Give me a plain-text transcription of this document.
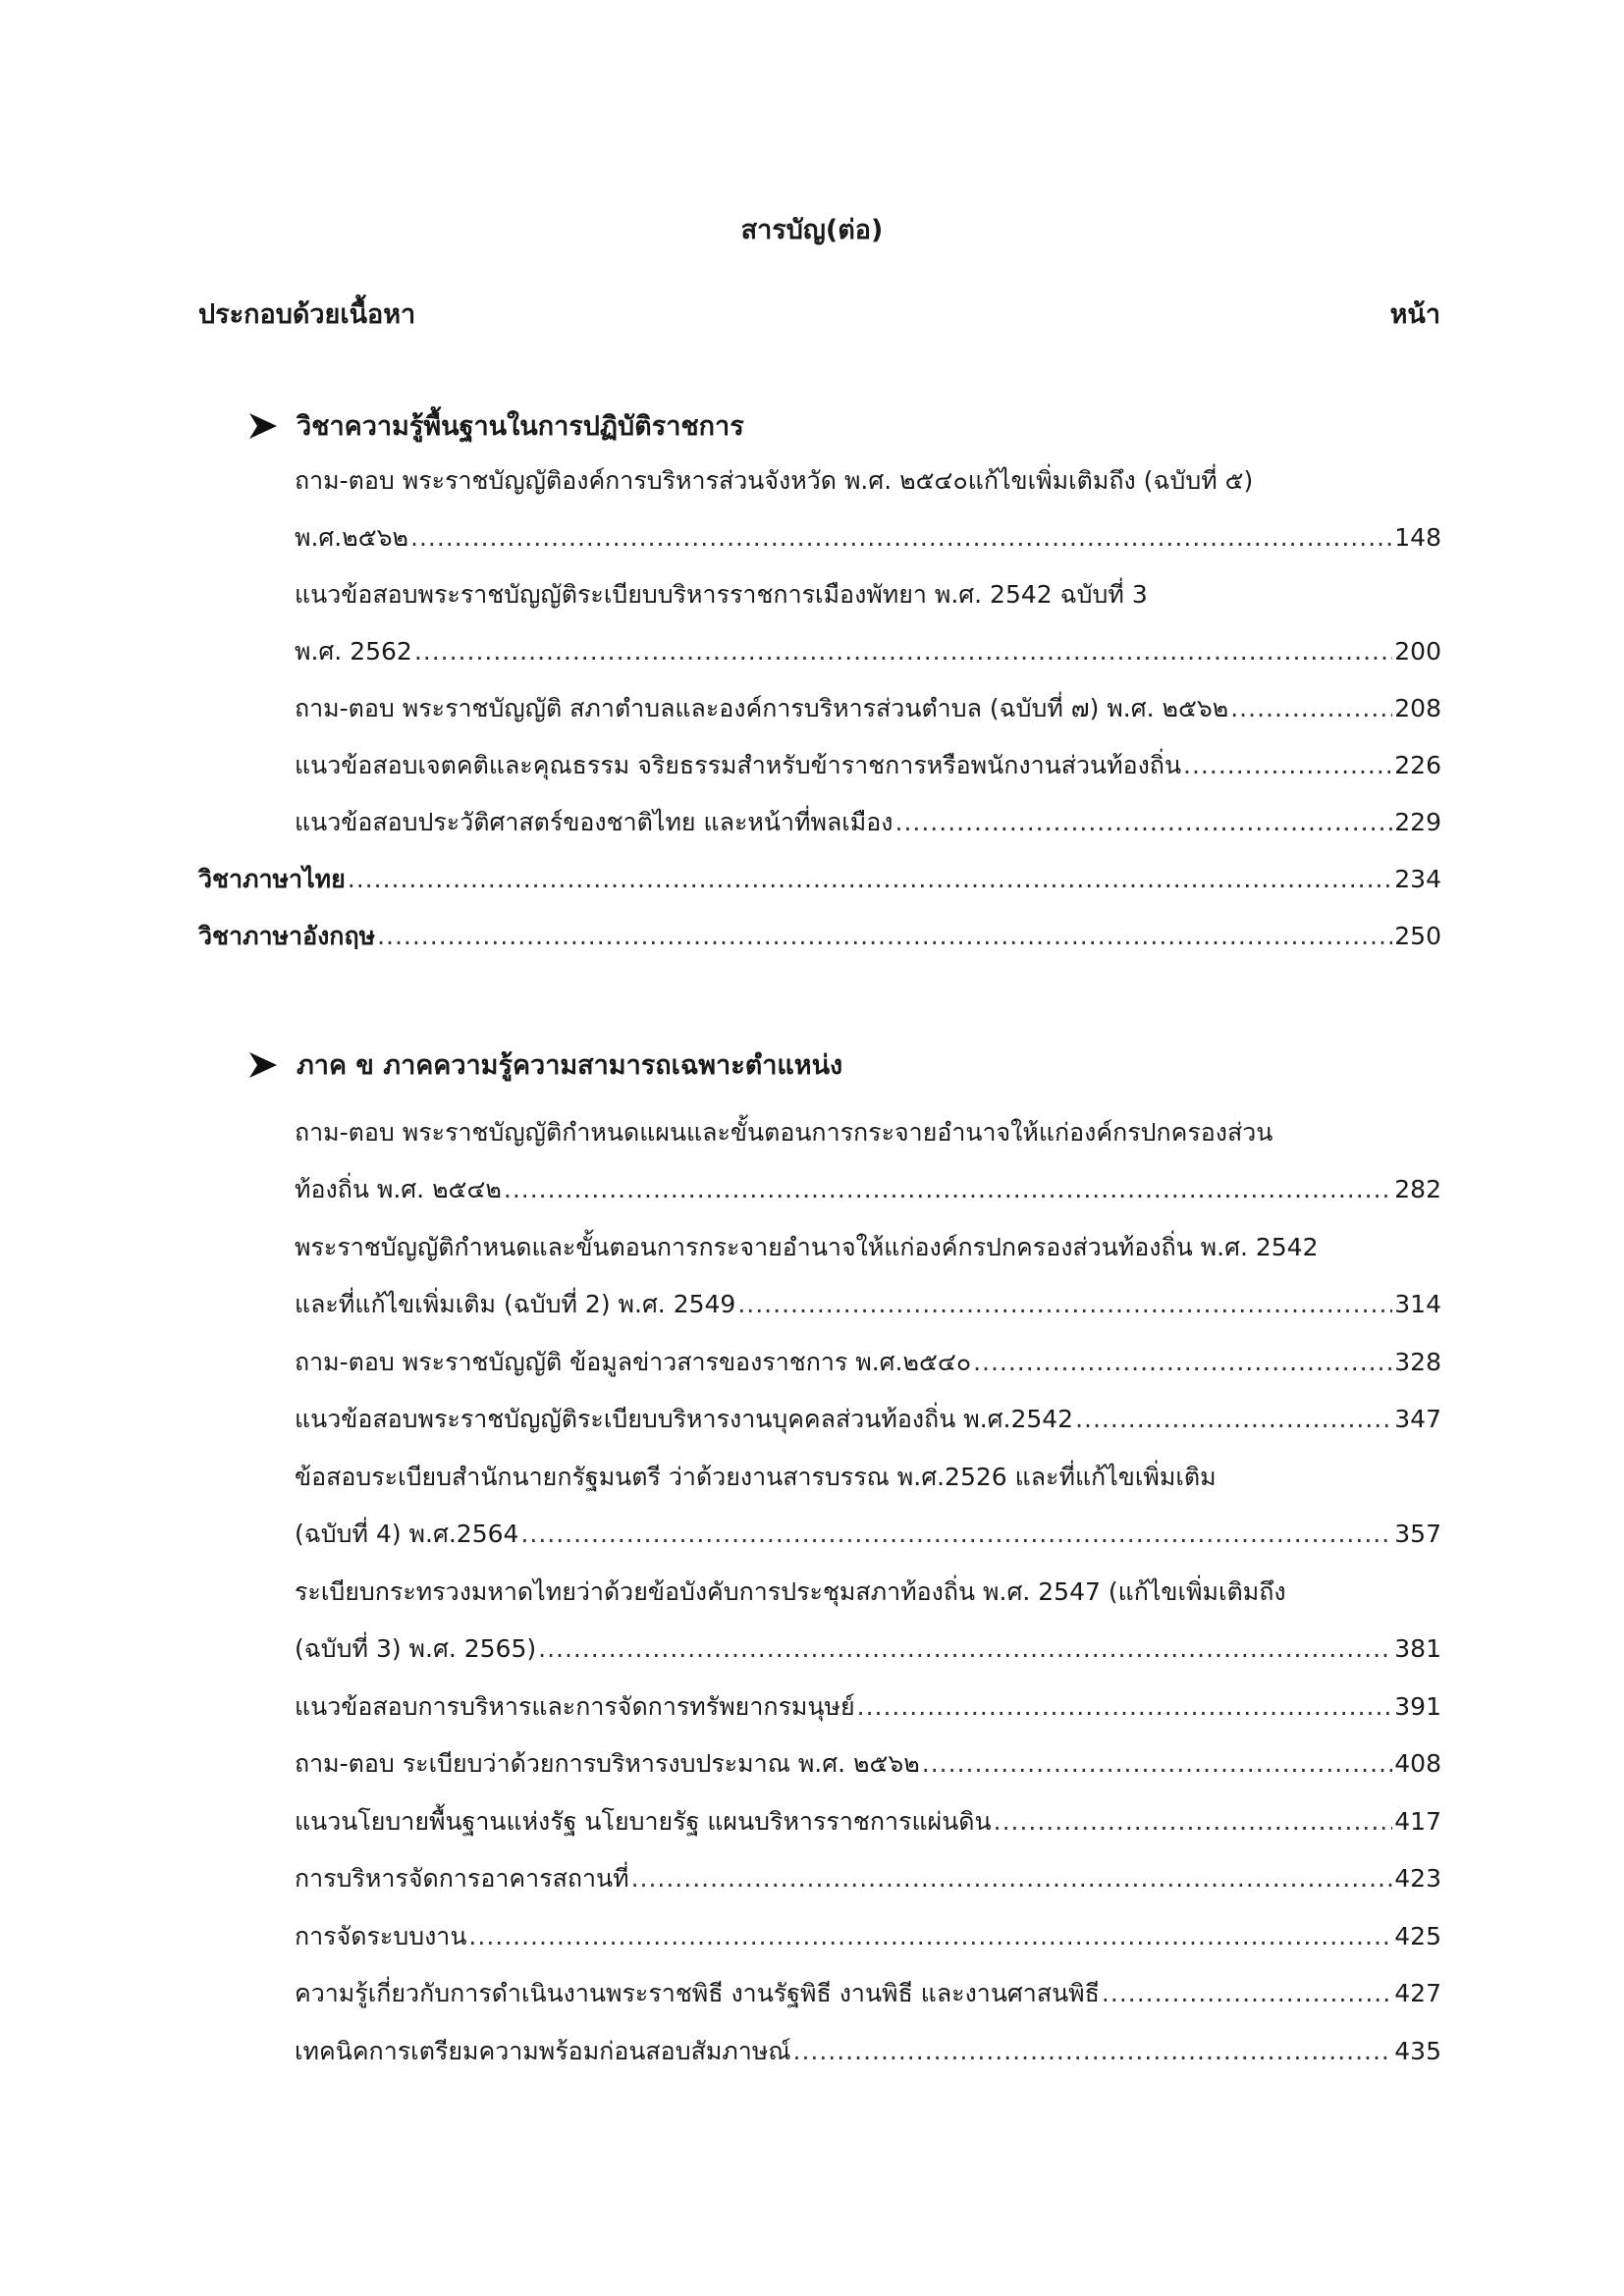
สารบัญ(ต่อ)
ประกอบด้วยเนื้อหา	หน้า
วิชาความรู้พื้นฐานในการปฏิบัติราชการ
ถาม-ตอบ พระราชบัญญัติองค์การบริหารส่วนจังหวัด พ.ศ. ๒๕๔๐แก้ไขเพิ่มเติมถึง (ฉบับที่ ๕)
พ.ศ.๒๕๖๒ .....	148
แนวข้อสอบพระราชบัญญัติระเบียบบริหารราชการเมืองพัทยา พ.ศ. 2542 ฉบับที่ 3
พ.ศ. 2562 .....	200
ถาม-ตอบ พระราชบัญญัติ สภาตำบลและองค์การบริหารส่วนตำบล (ฉบับที่ ๗) พ.ศ. ๒๕๖๒ .....	208
แนวข้อสอบเจตคติและคุณธรรม จริยธรรมสำหรับข้าราชการหรือพนักงานส่วนท้องถิ่น .....	226
แนวข้อสอบประวัติศาสตร์ของชาติไทย และหน้าที่พลเมือง .....	229
วิชาภาษาไทย .....	234
วิชาภาษาอังกฤษ .....	250
ภาค ข ภาคความรู้ความสามารถเฉพาะตำแหน่ง
ถาม-ตอบ พระราชบัญญัติกำหนดแผนและขั้นตอนการกระจายอำนาจให้แก่องค์กรปกครองส่วน
ท้องถิ่น พ.ศ. ๒๕๔๒ .....	282
พระราชบัญญัติกำหนดและขั้นตอนการกระจายอำนาจให้แก่องค์กรปกครองส่วนท้องถิ่น พ.ศ. 2542
และที่แก้ไขเพิ่มเติม (ฉบับที่ 2) พ.ศ. 2549 .....	314
ถาม-ตอบ พระราชบัญญัติ ข้อมูลข่าวสารของราชการ พ.ศ.๒๕๔๐ .....	328
แนวข้อสอบพระราชบัญญัติระเบียบบริหารงานบุคคลส่วนท้องถิ่น พ.ศ.2542 .....	347
ข้อสอบระเบียบสำนักนายกรัฐมนตรี ว่าด้วยงานสารบรรณ พ.ศ.2526 และที่แก้ไขเพิ่มเติม
(ฉบับที่ 4) พ.ศ.2564 .....	357
ระเบียบกระทรวงมหาดไทยว่าด้วยข้อบังคับการประชุมสภาท้องถิ่น พ.ศ. 2547 (แก้ไขเพิ่มเติมถึง
(ฉบับที่ 3) พ.ศ. 2565) .....	381
แนวข้อสอบการบริหารและการจัดการทรัพยากรมนุษย์ .....	391
ถาม-ตอบ ระเบียบว่าด้วยการบริหารงบประมาณ พ.ศ. ๒๕๖๒ .....	408
แนวนโยบายพื้นฐานแห่งรัฐ นโยบายรัฐ แผนบริหารราชการแผ่นดิน .....	417
การบริหารจัดการอาคารสถานที่ .....	423
การจัดระบบงาน .....	425
ความรู้เกี่ยวกับการดำเนินงานพระราชพิธี งานรัฐพิธี งานพิธี และงานศาสนพิธี .....	427
เทคนิคการเตรียมความพร้อมก่อนสอบสัมภาษณ์ .....	435
